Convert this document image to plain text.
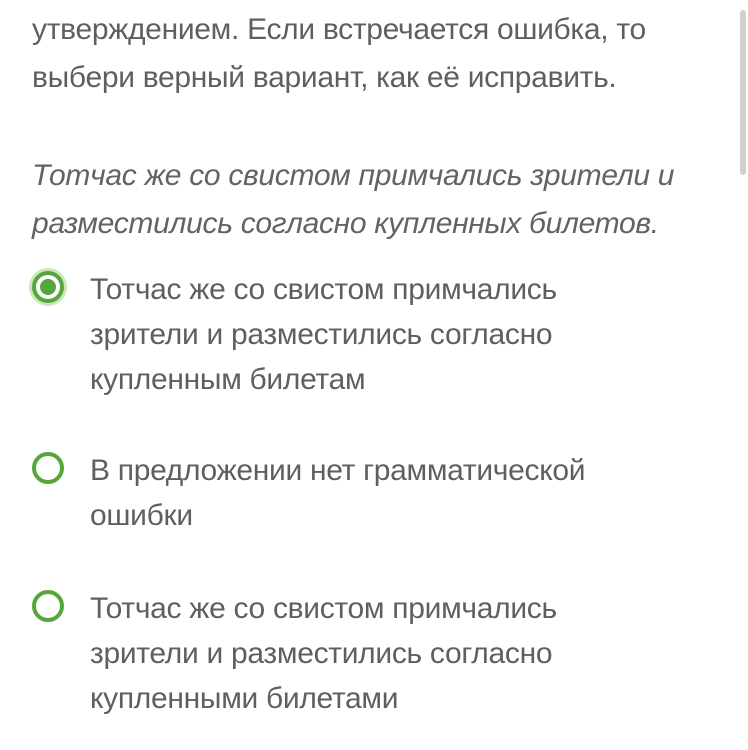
утверждением. Если встречается ошибка, то
выбери верный вариант, как её исправить.
Тотчас же со свистом примчались зрители и
разместились согласно купленных билетов.
Тотчас же со свистом примчались
зрители и разместились согласно
купленным билетам
В предложении нет грамматической
ошибки
Тотчас же со свистом примчались
зрители и разместились согласно
купленными билетами
